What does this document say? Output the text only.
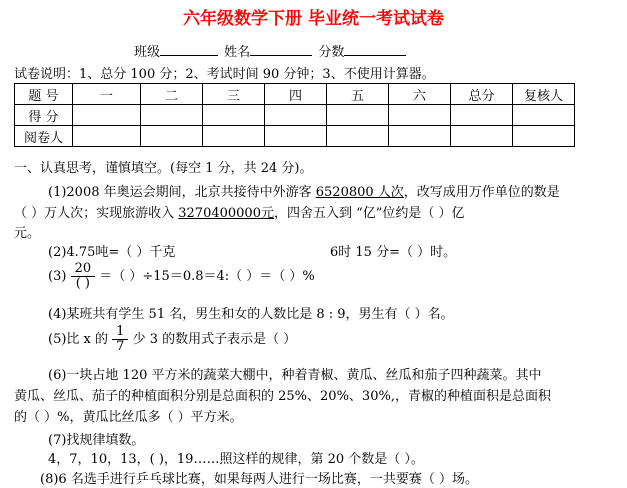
六年级数学下册 毕业统一考试试卷
班级	姓名	分数
试卷说明：1、总分 100 分；2、考试时间 90 分钟；3、不使用计算器。
题 号	一	二	三	四	五	六	总分	复核人
得 分								
阅卷人								
一、认真思考，谨慎填空。(每空 1 分，共 24 分)。
(1)2008 年奥运会期间，北京共接待中外游客 6520800 人次，改写成用万作单位的数是
（ ）万人次；实现旅游收入 3270400000元，四舍五入到 “亿”位约是（ ）亿
元。
(2)4.75吨=（ ）千克	6时 15 分=（ ）时。
$(3) \frac{20}{( )}$ ＝（ ）÷15＝0.8＝4:（ ）＝（ ）%
(4)某班共有学生 51 名，男生和女的人数比是 8 : 9，男生有（ ）名。
(5)比 x 的 $\frac{1}{7}$ 少 3 的数用式子表示是（ ）
(6)一块占地 120 平方米的蔬菜大棚中，种着青椒、黄瓜、丝瓜和茄子四种蔬菜。其中
黄瓜、丝瓜、茄子的种植面积分别是总面积的 25%、20%、30%,，青椒的种植面积是总面积
的（ ）%，黄瓜比丝瓜多（ ）平方米。
(7)找规律填数。
4，7，10，13，( )，19……照这样的规律，第 20 个数是（ ）。
(8)6 名选手进行乒乓球比赛，如果每两人进行一场比赛，一共要赛（ ）场。
